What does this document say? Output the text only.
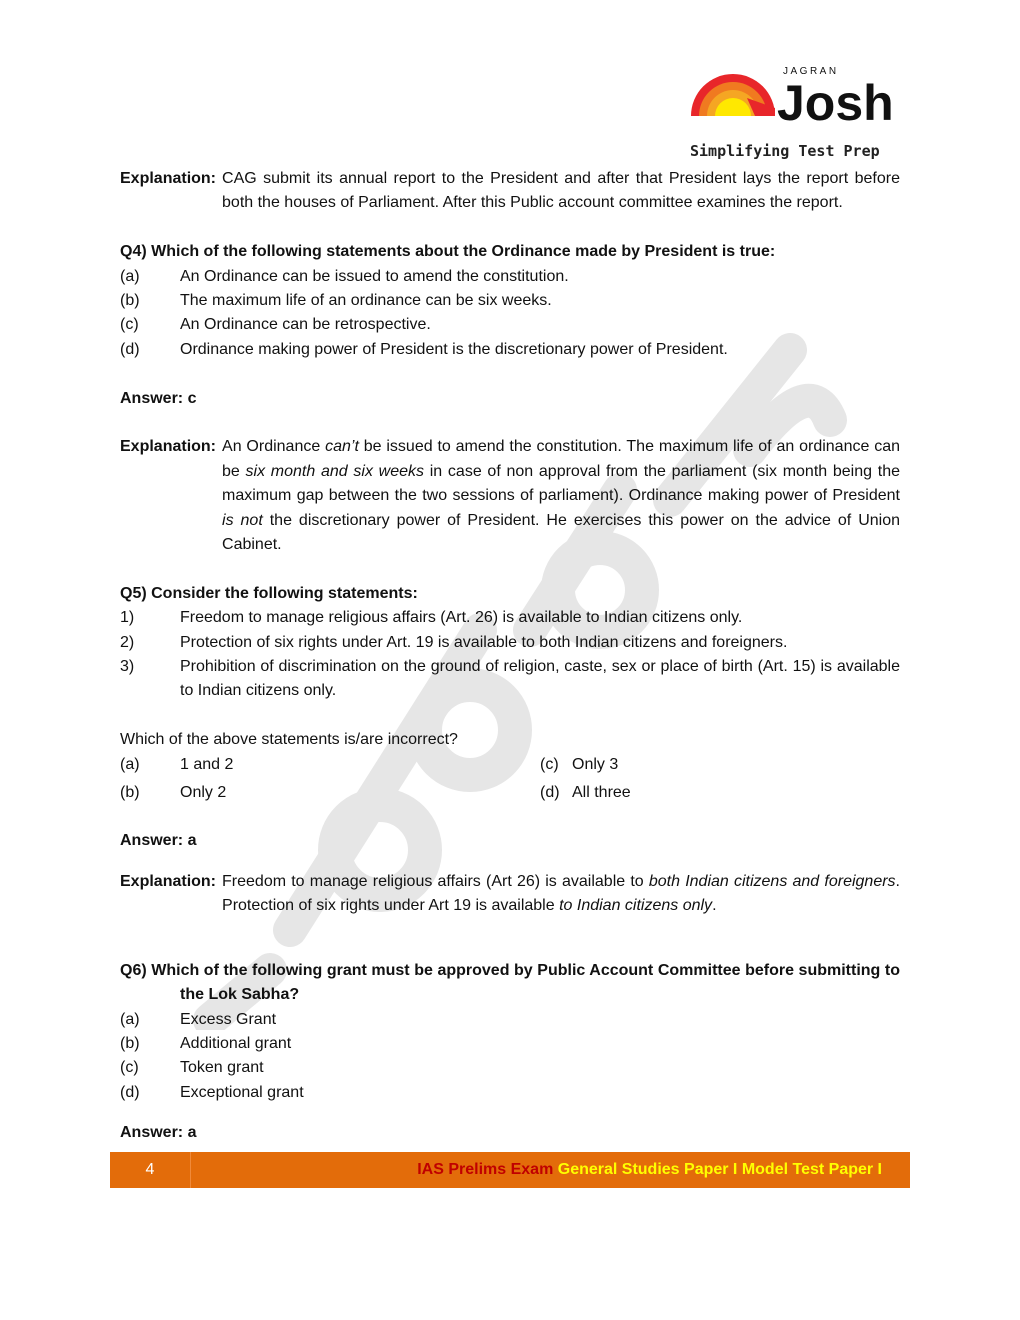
JAGRAN
Josh
Simplifying Test Prep
Explanation: CAG submit its annual report to the President and after that President lays the report before both the houses of Parliament. After this Public account committee examines the report.
Q4) Which of the following statements about the Ordinance made by President is true:
(a)	An Ordinance can be issued to amend the constitution.
(b)	The maximum life of an ordinance can be six weeks.
(c)	An Ordinance can be retrospective.
(d)	Ordinance making power of President is the discretionary power of President.
Answer: c
Explanation: An Ordinance can’t be issued to amend the constitution. The maximum life of an ordinance can be six month and six weeks in case of non approval from the parliament (six month being the maximum gap between the two sessions of parliament). Ordinance making power of President is not the discretionary power of President. He exercises this power on the advice of Union Cabinet.
Q5) Consider the following statements:
1)	Freedom to manage religious affairs (Art. 26) is available to Indian citizens only.
2)	Protection of six rights under Art. 19 is available to both Indian citizens and foreigners.
3)	Prohibition of discrimination on the ground of religion, caste, sex or place of birth (Art. 15) is available to Indian citizens only.
Which of the above statements is/are incorrect?
(a)	1 and 2	(c) Only 3
(b)	Only 2	(d) All three
Answer: a
Explanation: Freedom to manage religious affairs (Art 26) is available to both Indian citizens and foreigners. Protection of six rights under Art 19 is available to Indian citizens only.
Q6) Which of the following grant must be approved by Public Account Committee before submitting to the Lok Sabha?
(a)	Excess Grant
(b)	Additional grant
(c)	Token grant
(d)	Exceptional grant
Answer: a
4	IAS Prelims Exam General Studies Paper I Model Test Paper I
